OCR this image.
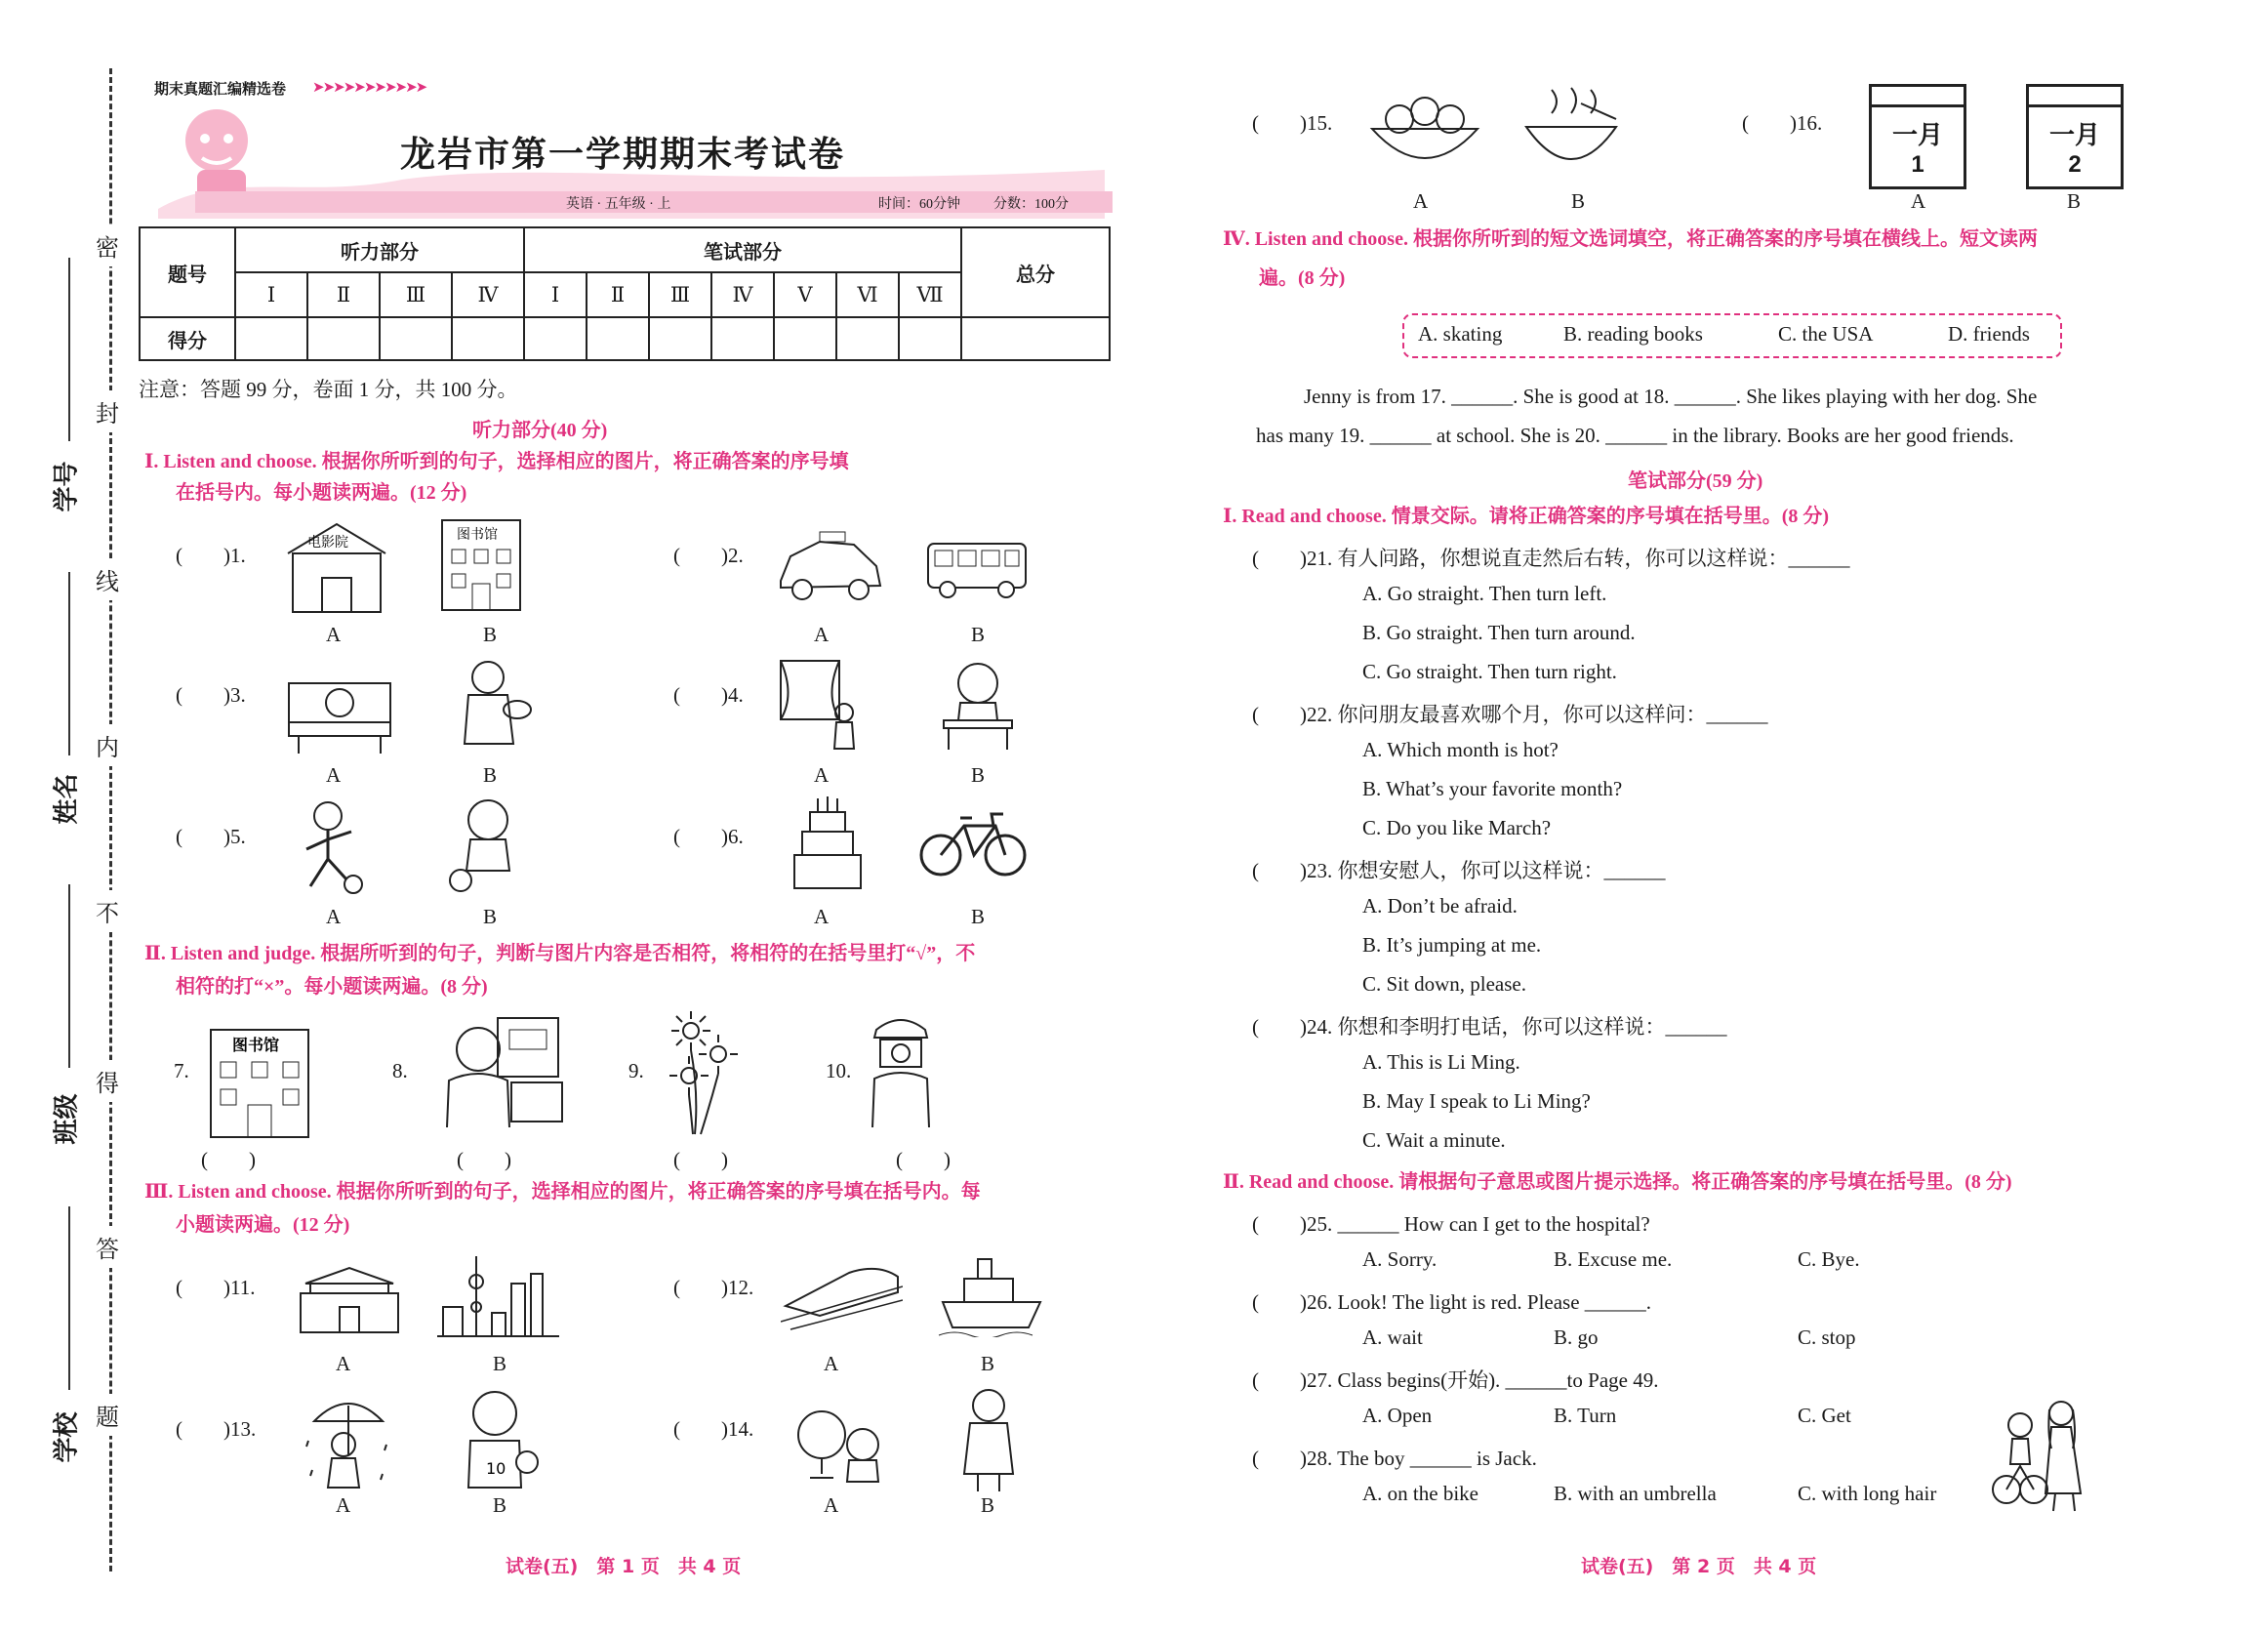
密
封
线
内
不
得
答
题
学号
姓名
班级
学校
期末真题汇编精选卷 ➤➤➤➤➤➤➤➤➤➤➤
龙岩市第一学期期末考试卷
英语 · 五年级 · 上	时间：60分钟 分数：100分
题号	听力部分				笔试部分							总分
	Ⅰ	Ⅱ	Ⅲ	Ⅳ	Ⅰ	Ⅱ	Ⅲ	Ⅳ	Ⅴ	Ⅵ	Ⅶ	
得分												
注意：答题 99 分，卷面 1 分，共 100 分。
听力部分(40 分)
Ⅰ. Listen and choose. 根据你所听到的句子，选择相应的图片，将正确答案的序号填
在括号内。每小题读两遍。(12 分)
(　　)1.
电影院	图书馆
A	B
(　　)2.
A	B
(　　)3.
A	B
(　　)4.
A	B
(　　)5.
A	B
(　　)6.
A	B
Ⅱ. Listen and judge. 根据所听到的句子，判断与图片内容是否相符，将相符的在括号里打“√”，不
相符的打“×”。每小题读两遍。(8 分)
7.
图书馆
(　　)
8.
(　　)
9.
(　　)
10.
(　　)
Ⅲ. Listen and choose. 根据你所听到的句子，选择相应的图片，将正确答案的序号填在括号内。每
小题读两遍。(12 分)
(　　)11.
A	B
(　　)12.
A	B
(　　)13.
10
A	B
(　　)14.
A	B
试卷(五)　第 1 页　共 4 页
(　　)15.
A	B
(　　)16.	一月
1
一月
2
A	B
Ⅳ. Listen and choose. 根据你所听到的短文选词填空，将正确答案的序号填在横线上。短文读两
遍。(8 分)
A. skating	B. reading books	C. the USA	D. friends
Jenny is from 17. ______. She is good at 18. ______. She likes playing with her dog. She
has many 19. ______ at school. She is 20. ______ in the library. Books are her good friends.
笔试部分(59 分)
Ⅰ. Read and choose. 情景交际。请将正确答案的序号填在括号里。(8 分)
(　　)21. 有人问路，你想说直走然后右转，你可以这样说：______
A. Go straight. Then turn left.
B. Go straight. Then turn around.
C. Go straight. Then turn right.
(　　)22. 你问朋友最喜欢哪个月，你可以这样问：______
A. Which month is hot?
B. What’s your favorite month?
C. Do you like March?
(　　)23. 你想安慰人，你可以这样说：______
A. Don’t be afraid.
B. It’s jumping at me.
C. Sit down, please.
(　　)24. 你想和李明打电话，你可以这样说：______
A. This is Li Ming.
B. May I speak to Li Ming?
C. Wait a minute.
Ⅱ. Read and choose. 请根据句子意思或图片提示选择。将正确答案的序号填在括号里。(8 分)
(　　)25. ______ How can I get to the hospital?
A. Sorry.	B. Excuse me.	C. Bye.
(　　)26. Look! The light is red. Please ______.
A. wait	B. go	C. stop
(　　)27. Class begins(开始). ______to Page 49.
A. Open	B. Turn	C. Get
(　　)28. The boy ______ is Jack.
A. on the bike	B. with an umbrella	C. with long hair
试卷(五)　第 2 页　共 4 页
